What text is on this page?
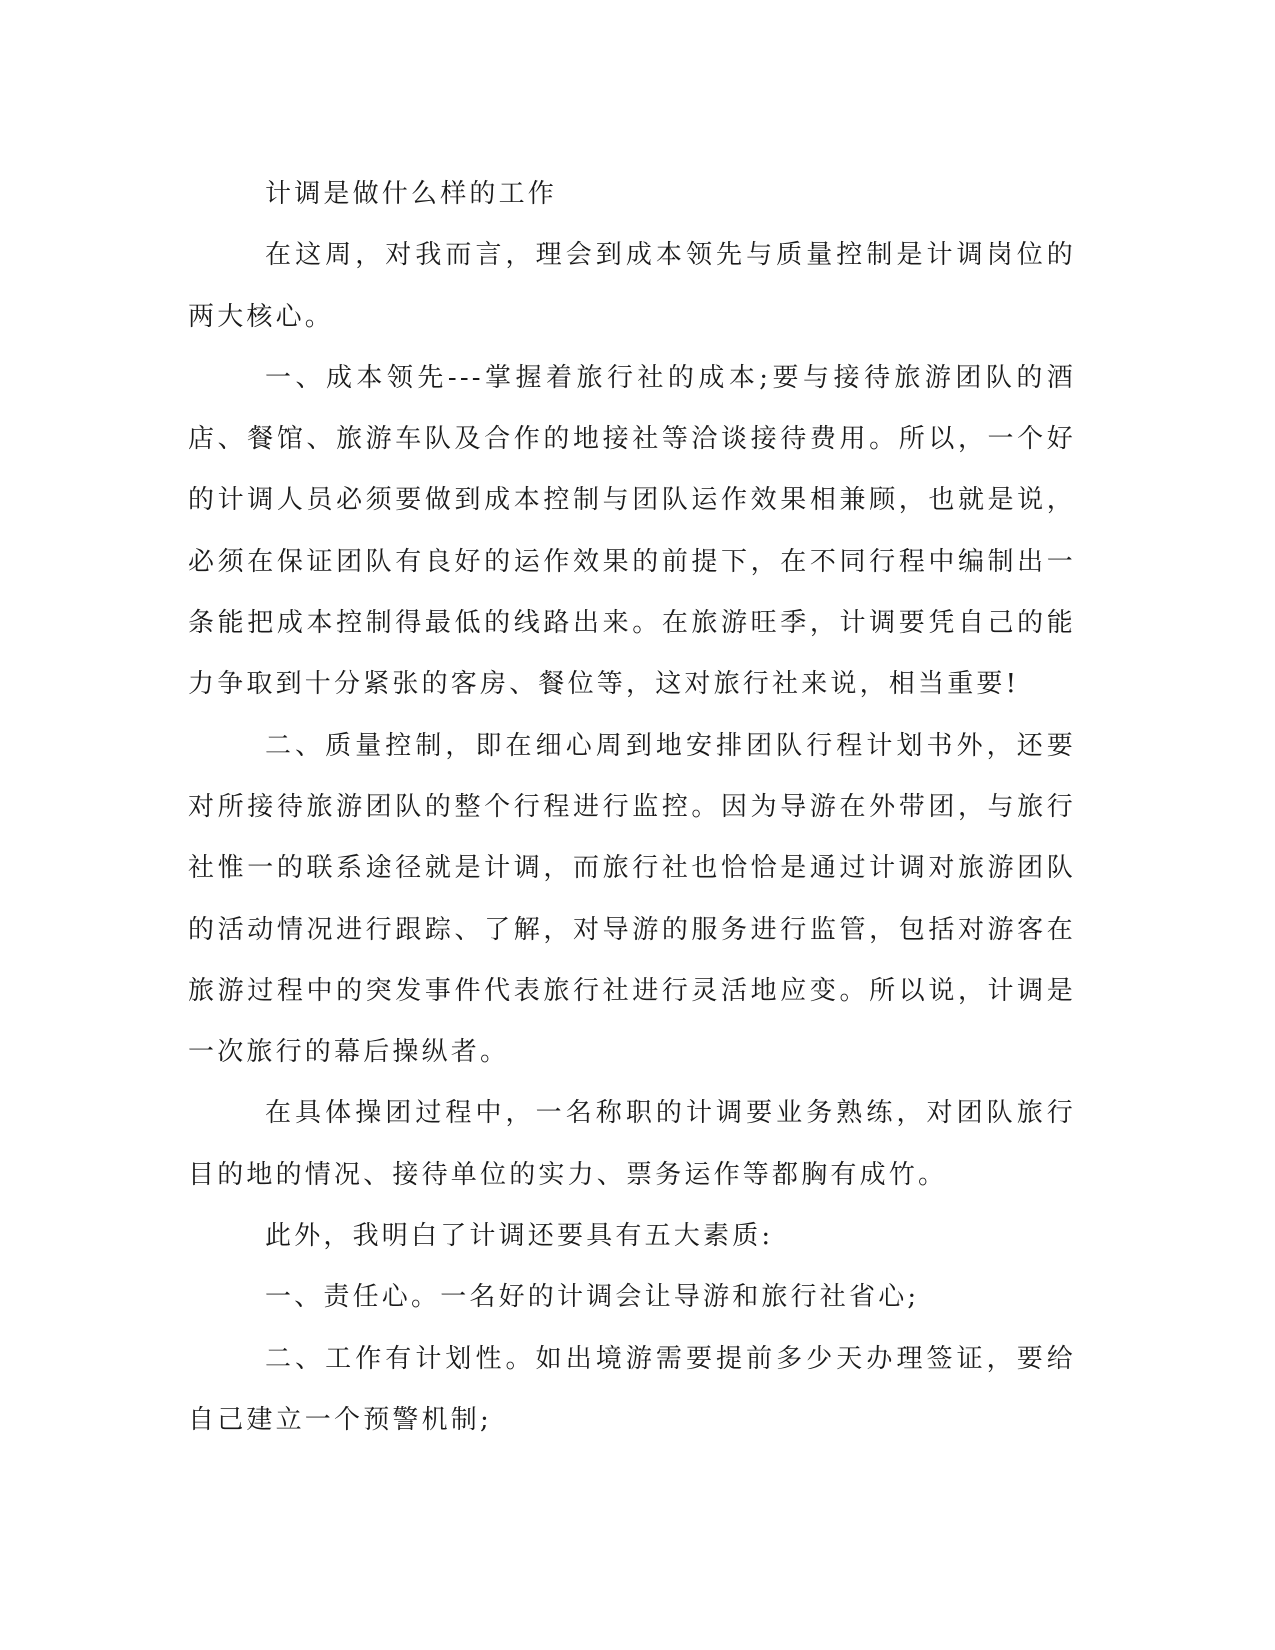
计调是做什么样的工作

在这周，对我而言，理会到成本领先与质量控制是计调岗位的两大核心。

一、成本领先---掌握着旅行社的成本;要与接待旅游团队的酒店、餐馆、旅游车队及合作的地接社等洽谈接待费用。所以，一个好的计调人员必须要做到成本控制与团队运作效果相兼顾，也就是说，必须在保证团队有良好的运作效果的前提下，在不同行程中编制出一条能把成本控制得最低的线路出来。在旅游旺季，计调要凭自己的能力争取到十分紧张的客房、餐位等，这对旅行社来说，相当重要!

二、质量控制，即在细心周到地安排团队行程计划书外，还要对所接待旅游团队的整个行程进行监控。因为导游在外带团，与旅行社惟一的联系途径就是计调，而旅行社也恰恰是通过计调对旅游团队的活动情况进行跟踪、了解，对导游的服务进行监管，包括对游客在旅游过程中的突发事件代表旅行社进行灵活地应变。所以说，计调是一次旅行的幕后操纵者。

在具体操团过程中，一名称职的计调要业务熟练，对团队旅行目的地的情况、接待单位的实力、票务运作等都胸有成竹。

此外，我明白了计调还要具有五大素质:

一、责任心。一名好的计调会让导游和旅行社省心;

二、工作有计划性。如出境游需要提前多少天办理签证，要给自己建立一个预警机制;
